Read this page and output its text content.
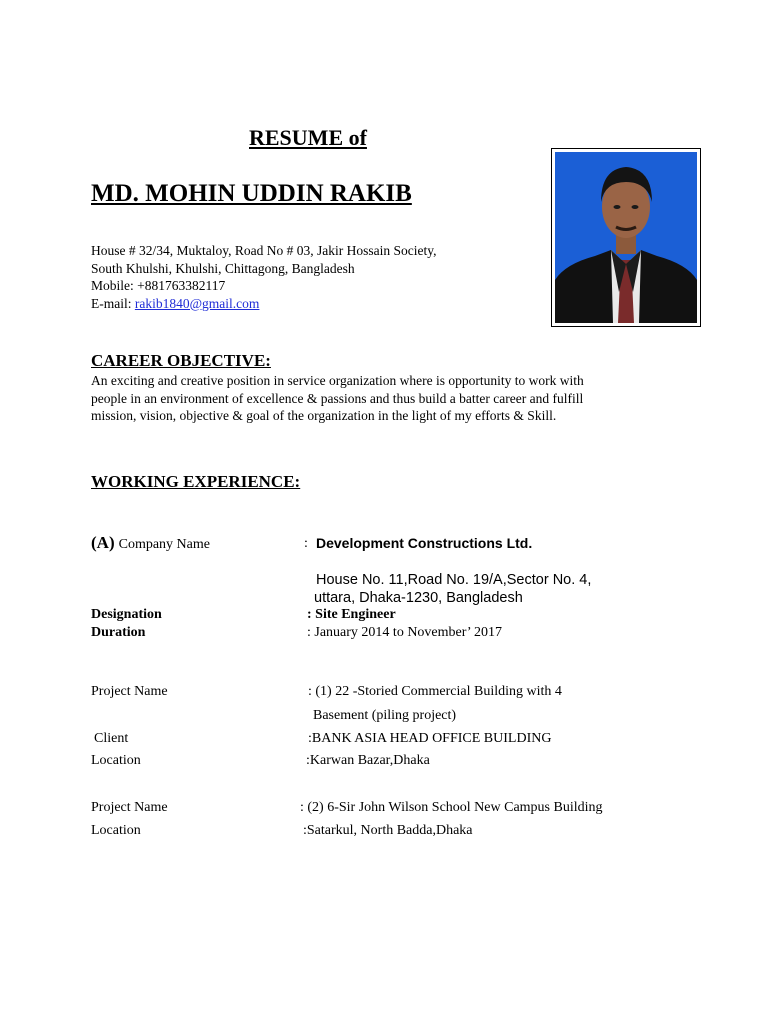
RESUME of
MD. MOHIN UDDIN RAKIB
House # 32/34, Muktaloy, Road No # 03, Jakir Hossain Society,
South Khulshi, Khulshi, Chittagong, Bangladesh
Mobile: +881763382117
E-mail: rakib1840@gmail.com
CAREER OBJECTIVE:
An exciting and creative position in service organization where is opportunity to work with
people in an environment of excellence & passions and thus build a batter career and fulfill
mission, vision, objective & goal of the organization in the light of my efforts & Skill.
WORKING EXPERIENCE:
(A) Company Name	: Development Constructions Ltd.
House No. 11,Road No. 19/A,Sector No. 4,
uttara, Dhaka-1230, Bangladesh
Designation	: Site Engineer
Duration	: January 2014 to November’ 2017
Project Name	: (1) 22 -Storied Commercial Building with 4
Basement (piling project)
Client	:BANK ASIA HEAD OFFICE BUILDING
Location	:Karwan Bazar,Dhaka
Project Name	: (2) 6-Sir John Wilson School New Campus Building
Location	:Satarkul, North Badda,Dhaka
